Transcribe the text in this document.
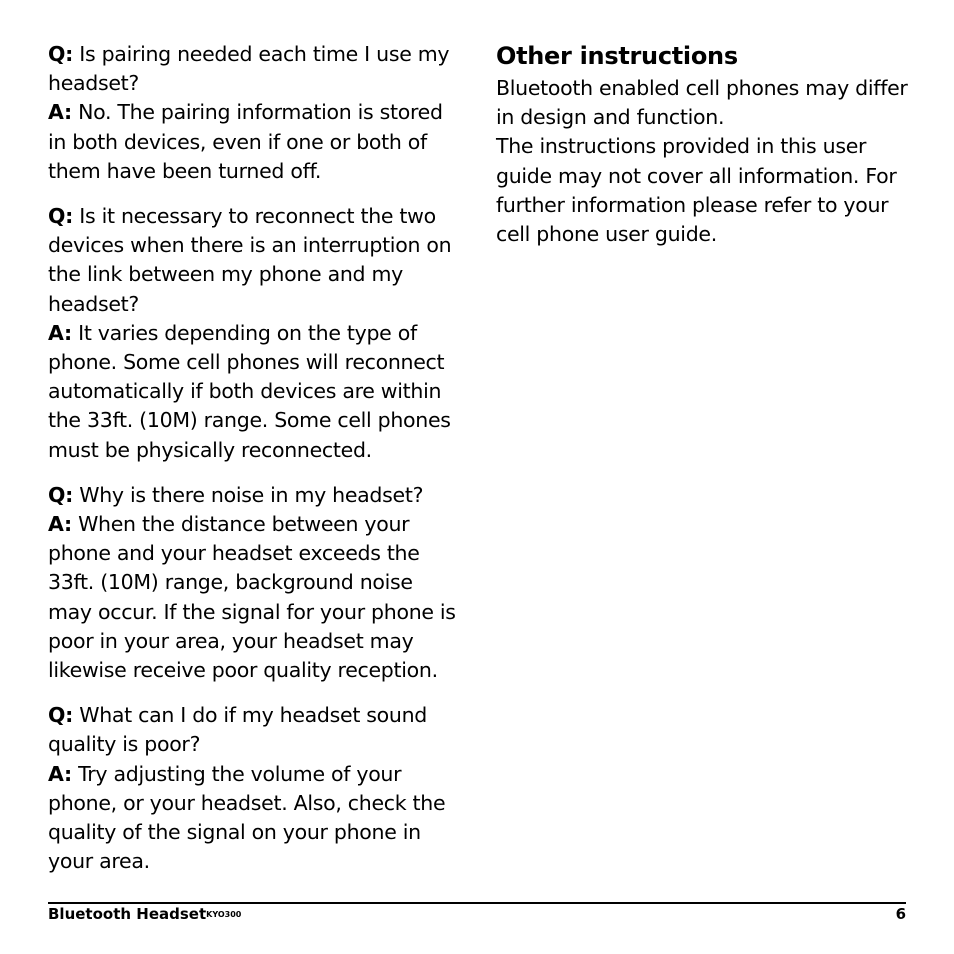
Q: Is pairing needed each time I use my headset?

A: No. The pairing information is stored in both devices, even if one or both of them have been turned off.

Q: Is it necessary to reconnect the two devices when there is an interruption on the link between my phone and my headset?

A: It varies depending on the type of phone. Some cell phones will reconnect automatically if both devices are within the 33ft. (10M) range. Some cell phones must be physically reconnected.

Q: Why is there noise in my headset?

A: When the distance between your phone and your headset exceeds the 33ft. (10M) range, background noise may occur. If the signal for your phone is poor in your area, your headset may likewise receive poor quality reception.

Q: What can I do if my headset sound quality is poor?

A: Try adjusting the volume of your phone, or your headset. Also, check the quality of the signal on your phone in your area.

Other instructions

Bluetooth enabled cell phones may differ in design and function.

The instructions provided in this user guide may not cover all information. For further information please refer to your cell phone user guide.

Bluetooth Headset$^{KYO300}$	6
